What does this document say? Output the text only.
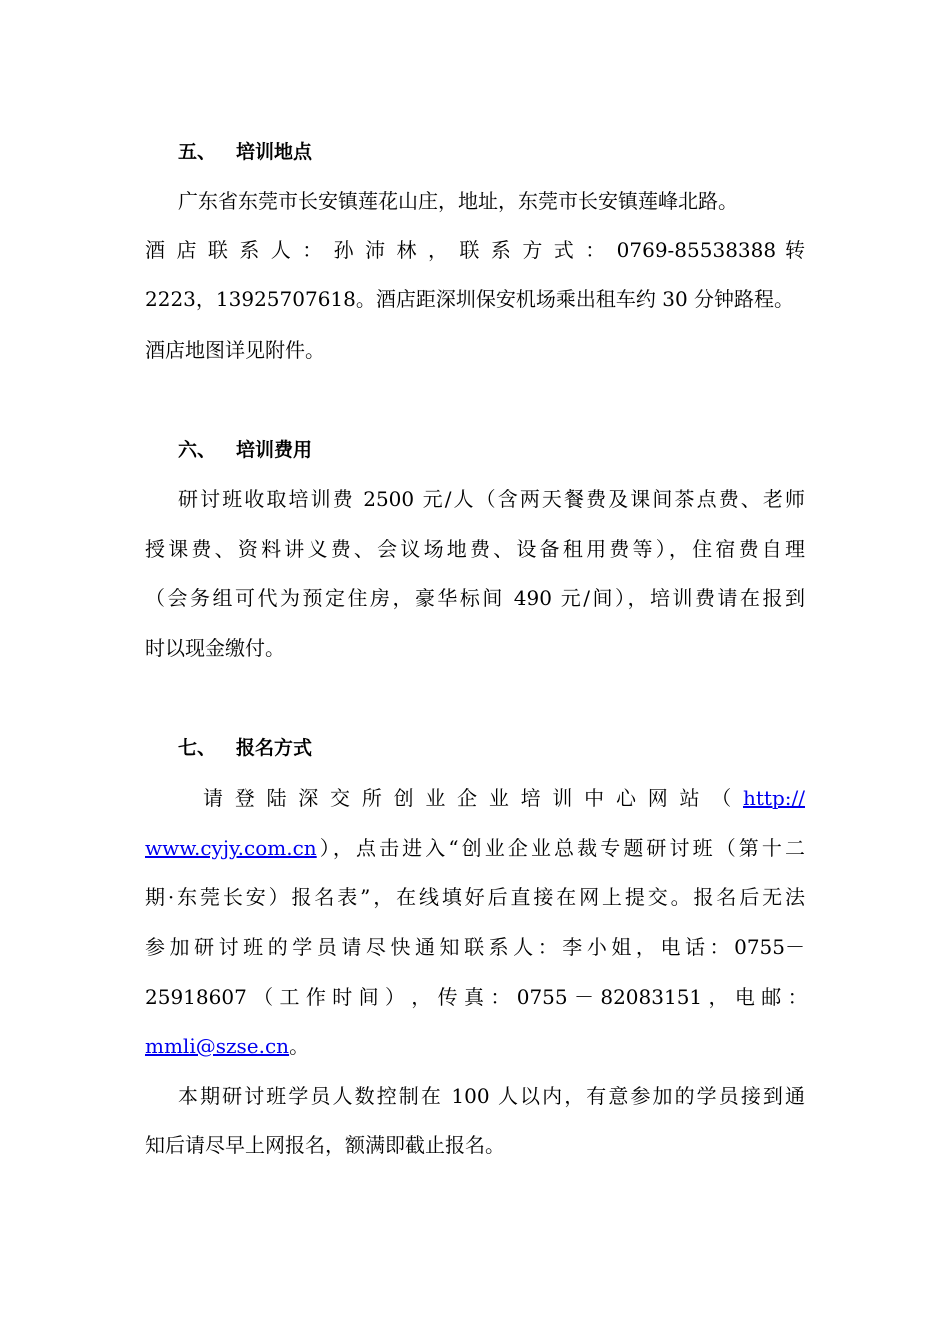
五、 培训地点
广东省东莞市长安镇莲花山庄，地址，东莞市长安镇莲峰北路。
酒 店 联 系 人 ： 孙 沛 林 ， 联 系 方 式 ： 0769-85538388 转
2223，13925707618。酒店距深圳保安机场乘出租车约 30 分钟路程。
酒店地图详见附件。
六、 培训费用
研讨班收取培训费 2500 元/人（含两天餐费及课间茶点费、老师
授课费、资料讲义费、会议场地费、设备租用费等），住宿费自理
（会务组可代为预定住房，豪华标间 490 元/间），培训费请在报到
时以现金缴付。
七、 报名方式
请 登 陆 深 交 所 创 业 企 业 培 训 中 心 网 站 （ http://
www.cyjy.com.cn），点击进入“创业企业总裁专题研讨班（第十二
期·东莞长安）报名表”，在线填好后直接在网上提交。报名后无法
参加研讨班的学员请尽快通知联系人：李小姐，电话：0755－
25918607 （ 工 作 时 间 ） ， 传 真 ： 0755 － 82083151 ， 电 邮 ：
mmli@szse.cn。
本期研讨班学员人数控制在 100 人以内，有意参加的学员接到通
知后请尽早上网报名，额满即截止报名。
